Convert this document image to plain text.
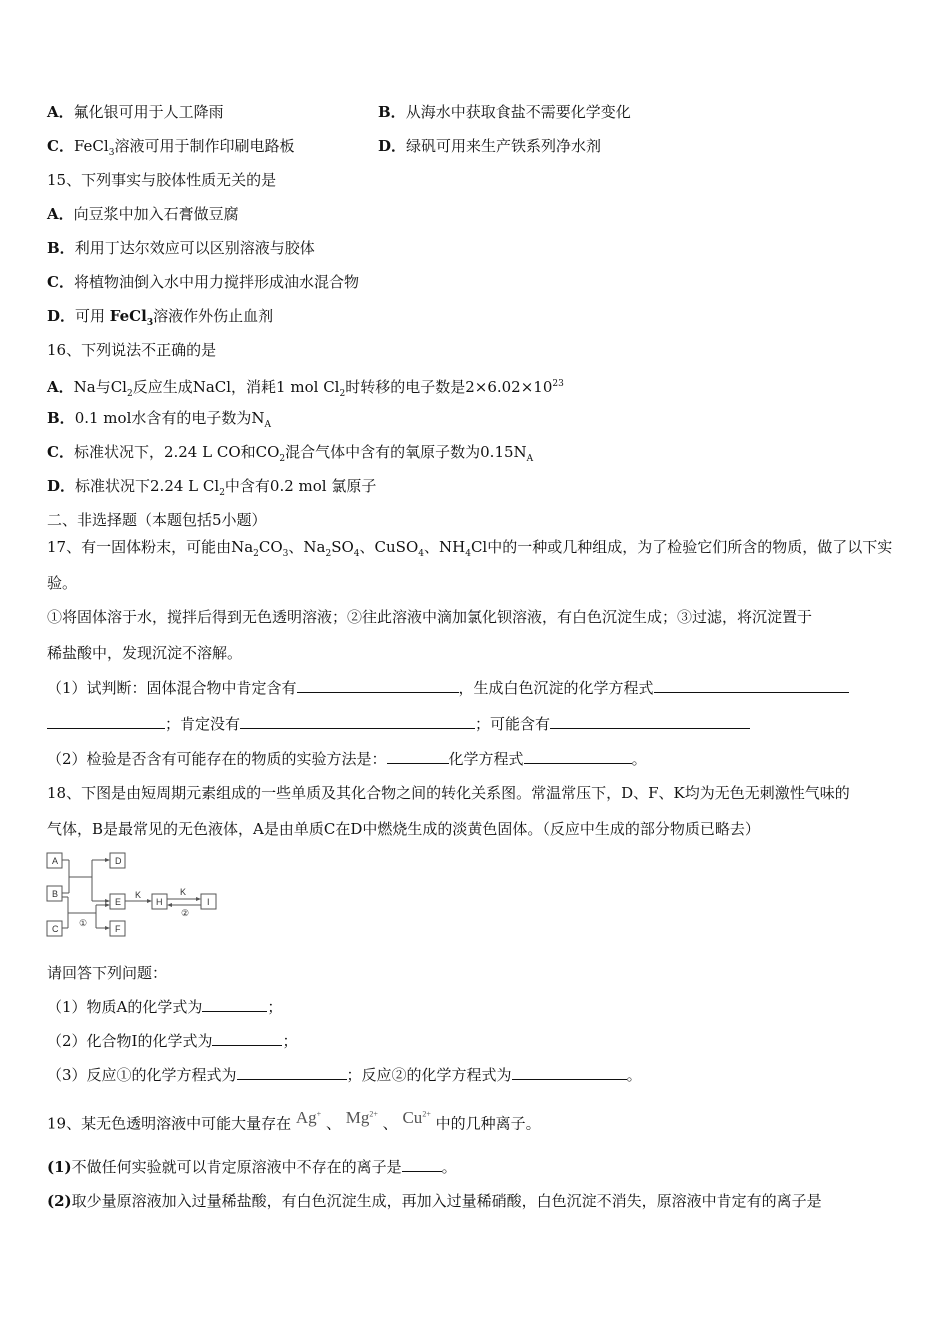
A．氟化银可用于人工降雨	B．从海水中获取食盐不需要化学变化
C．FeCl$_3$溶液可用于制作印刷电路板	D．绿矾可用来生产铁系列净水剂
15、下列事实与胶体性质无关的是
A．向豆浆中加入石膏做豆腐
B．利用丁达尔效应可以区别溶液与胶体
C．将植物油倒入水中用力搅拌形成油水混合物
D．可用 FeCl$_3$溶液作外伤止血剂
16、下列说法不正确的是
A．Na与$Cl_2$反应生成NaCl，消耗1 mol $Cl_2$时转移的电子数是$2\times 6.02\times 10^{23}$
B．0.1 mol水含有的电子数为$N_A$
C．标准状况下，2.24 L CO和$CO_2$混合气体中含有的氧原子数为$0.15N_A$
D．标准状况下2.24 L $Cl_2$中含有0.2 mol 氯原子
二、非选择题（本题包括5小题）
17、有一固体粉末，可能由$Na_2CO_3$、$Na_2SO_4$、CuSO$_4$、$NH_4Cl$中的一种或几种组成，为了检验它们所含的物质，做了以下实
验。
①将固体溶于水，搅拌后得到无色透明溶液；②往此溶液中滴加氯化钡溶液，有白色沉淀生成；③过滤，将沉淀置于
稀盐酸中，发现沉淀不溶解。
（1）试判断：固体混合物中肯定含有	，生成白色沉淀的化学方程式
；肯定没有	；可能含有
（2）检验是否含有可能存在的物质的实验方法是：	化学方程式	。
18、下图是由短周期元素组成的一些单质及其化合物之间的转化关系图。常温常压下，D、F、K均为无色无刺激性气味的
气体，B是最常见的无色液体，A是由单质C在D中燃烧生成的淡黄色固体。（反应中生成的部分物质已略去）
A
B
C
D
E
F
H	I
K	K
①
②
请回答下列问题：
（1）物质A的化学式为	；
（2）化合物I的化学式为	；
（3）反应①的化学方程式为	；反应②的化学方程式为	。
19、某无色透明溶液中可能大量存在 Ag+ 、 $Mg^{2+}$ 、 $Cu^{2+}$ 中的几种离子。
(1)不做任何实验就可以肯定原溶液中不存在的离子是	。
(2)取少量原溶液加入过量稀盐酸，有白色沉淀生成，再加入过量稀硝酸，白色沉淀不消失，原溶液中肯定有的离子是
